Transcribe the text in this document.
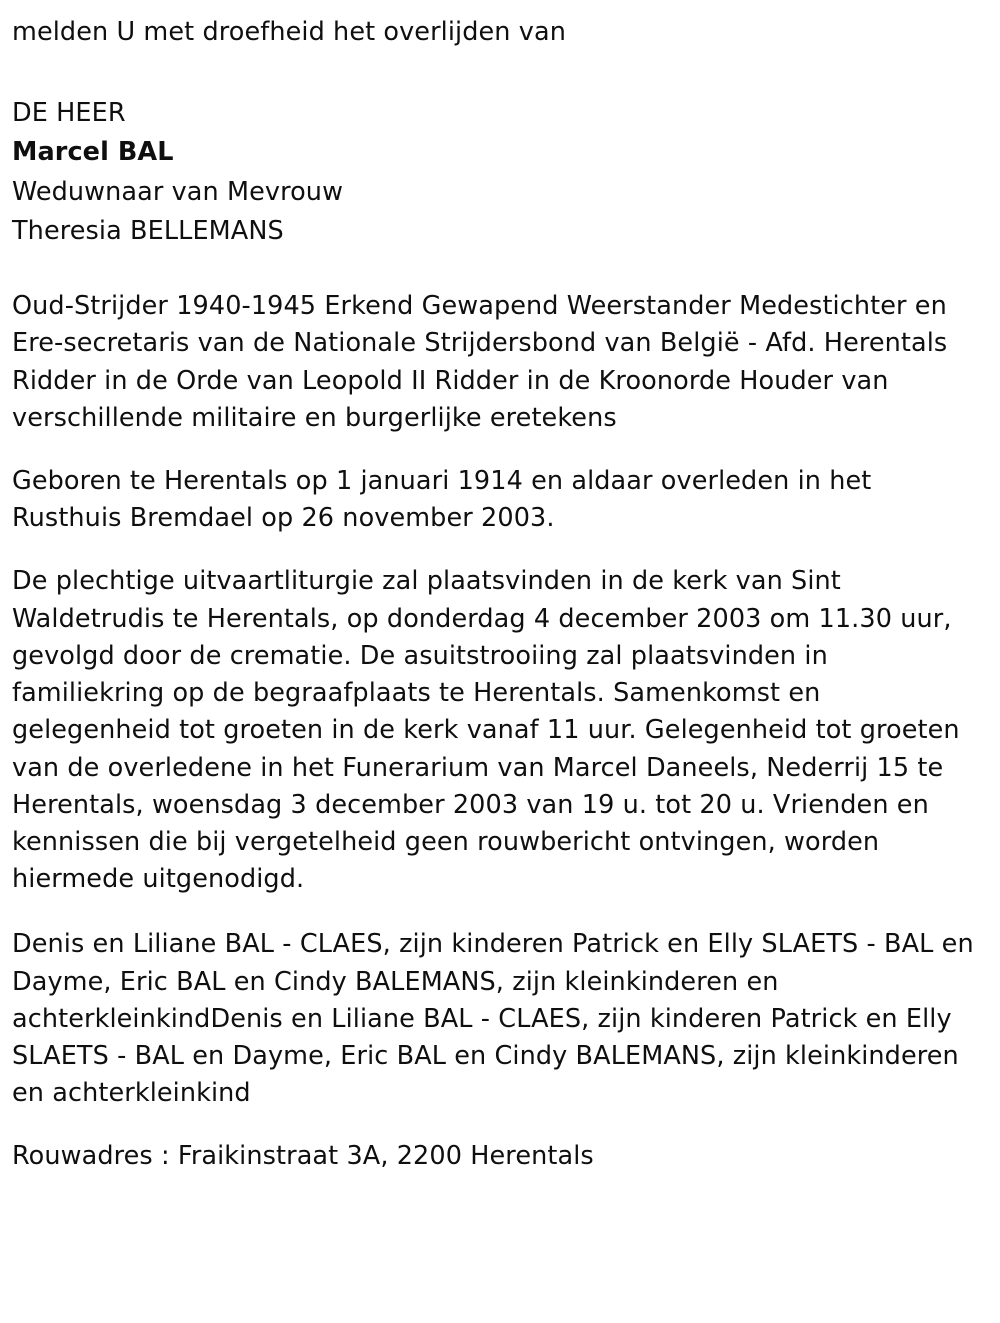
melden U met droefheid het overlijden van

DE HEER
Marcel BAL
Weduwnaar van Mevrouw
Theresia BELLEMANS

Oud-Strijder 1940-1945 Erkend Gewapend Weerstander Medestichter en Ere-secretaris van de Nationale Strijdersbond van België - Afd. Herentals Ridder in de Orde van Leopold II Ridder in de Kroonorde Houder van verschillende militaire en burgerlijke eretekens

Geboren te Herentals op 1 januari 1914 en aldaar overleden in het Rusthuis Bremdael op 26 november 2003.

De plechtige uitvaartliturgie zal plaatsvinden in de kerk van Sint Waldetrudis te Herentals, op donderdag 4 december 2003 om 11.30 uur, gevolgd door de crematie. De asuitstrooiing zal plaatsvinden in familiekring op de begraafplaats te Herentals. Samenkomst en gelegenheid tot groeten in de kerk vanaf 11 uur. Gelegenheid tot groeten van de overledene in het Funerarium van Marcel Daneels, Nederrij 15 te Herentals, woensdag 3 december 2003 van 19 u. tot 20 u. Vrienden en kennissen die bij vergetelheid geen rouwbericht ontvingen, worden hiermede uitgenodigd.

Denis en Liliane BAL - CLAES, zijn kinderen Patrick en Elly SLAETS - BAL en Dayme, Eric BAL en Cindy BALEMANS, zijn kleinkinderen en achterkleinkindDenis en Liliane BAL - CLAES, zijn kinderen Patrick en Elly SLAETS - BAL en Dayme, Eric BAL en Cindy BALEMANS, zijn kleinkinderen en achterkleinkind

Rouwadres : Fraikinstraat 3A, 2200 Herentals
